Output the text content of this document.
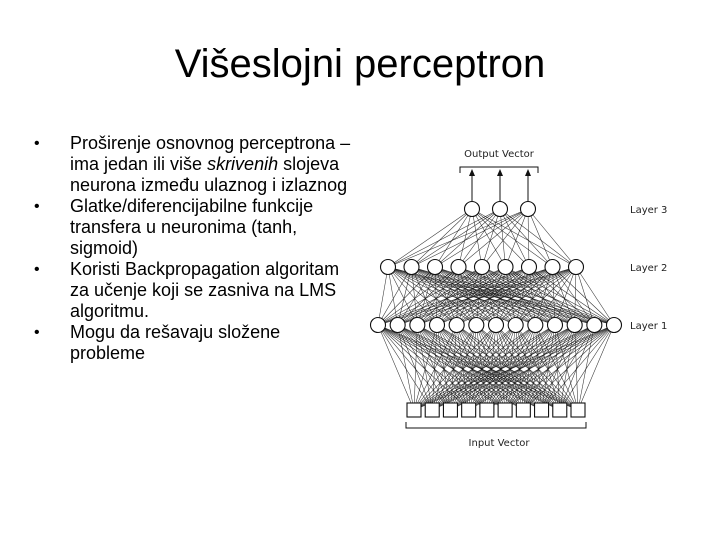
Višeslojni perceptron
• Proširenje osnovnog perceptrona – ima jedan ili više skrivenih slojeva neurona između ulaznog i izlaznog
• Glatke/diferencijabilne funkcije transfera u neuronima (tanh, sigmoid)
• Koristi Backpropagation algoritam za učenje koji se zasniva na LMS algoritmu.
• Mogu da rešavaju složene probleme
Output Vector
Input Vector
Layer 3
Layer 2
Layer 1
